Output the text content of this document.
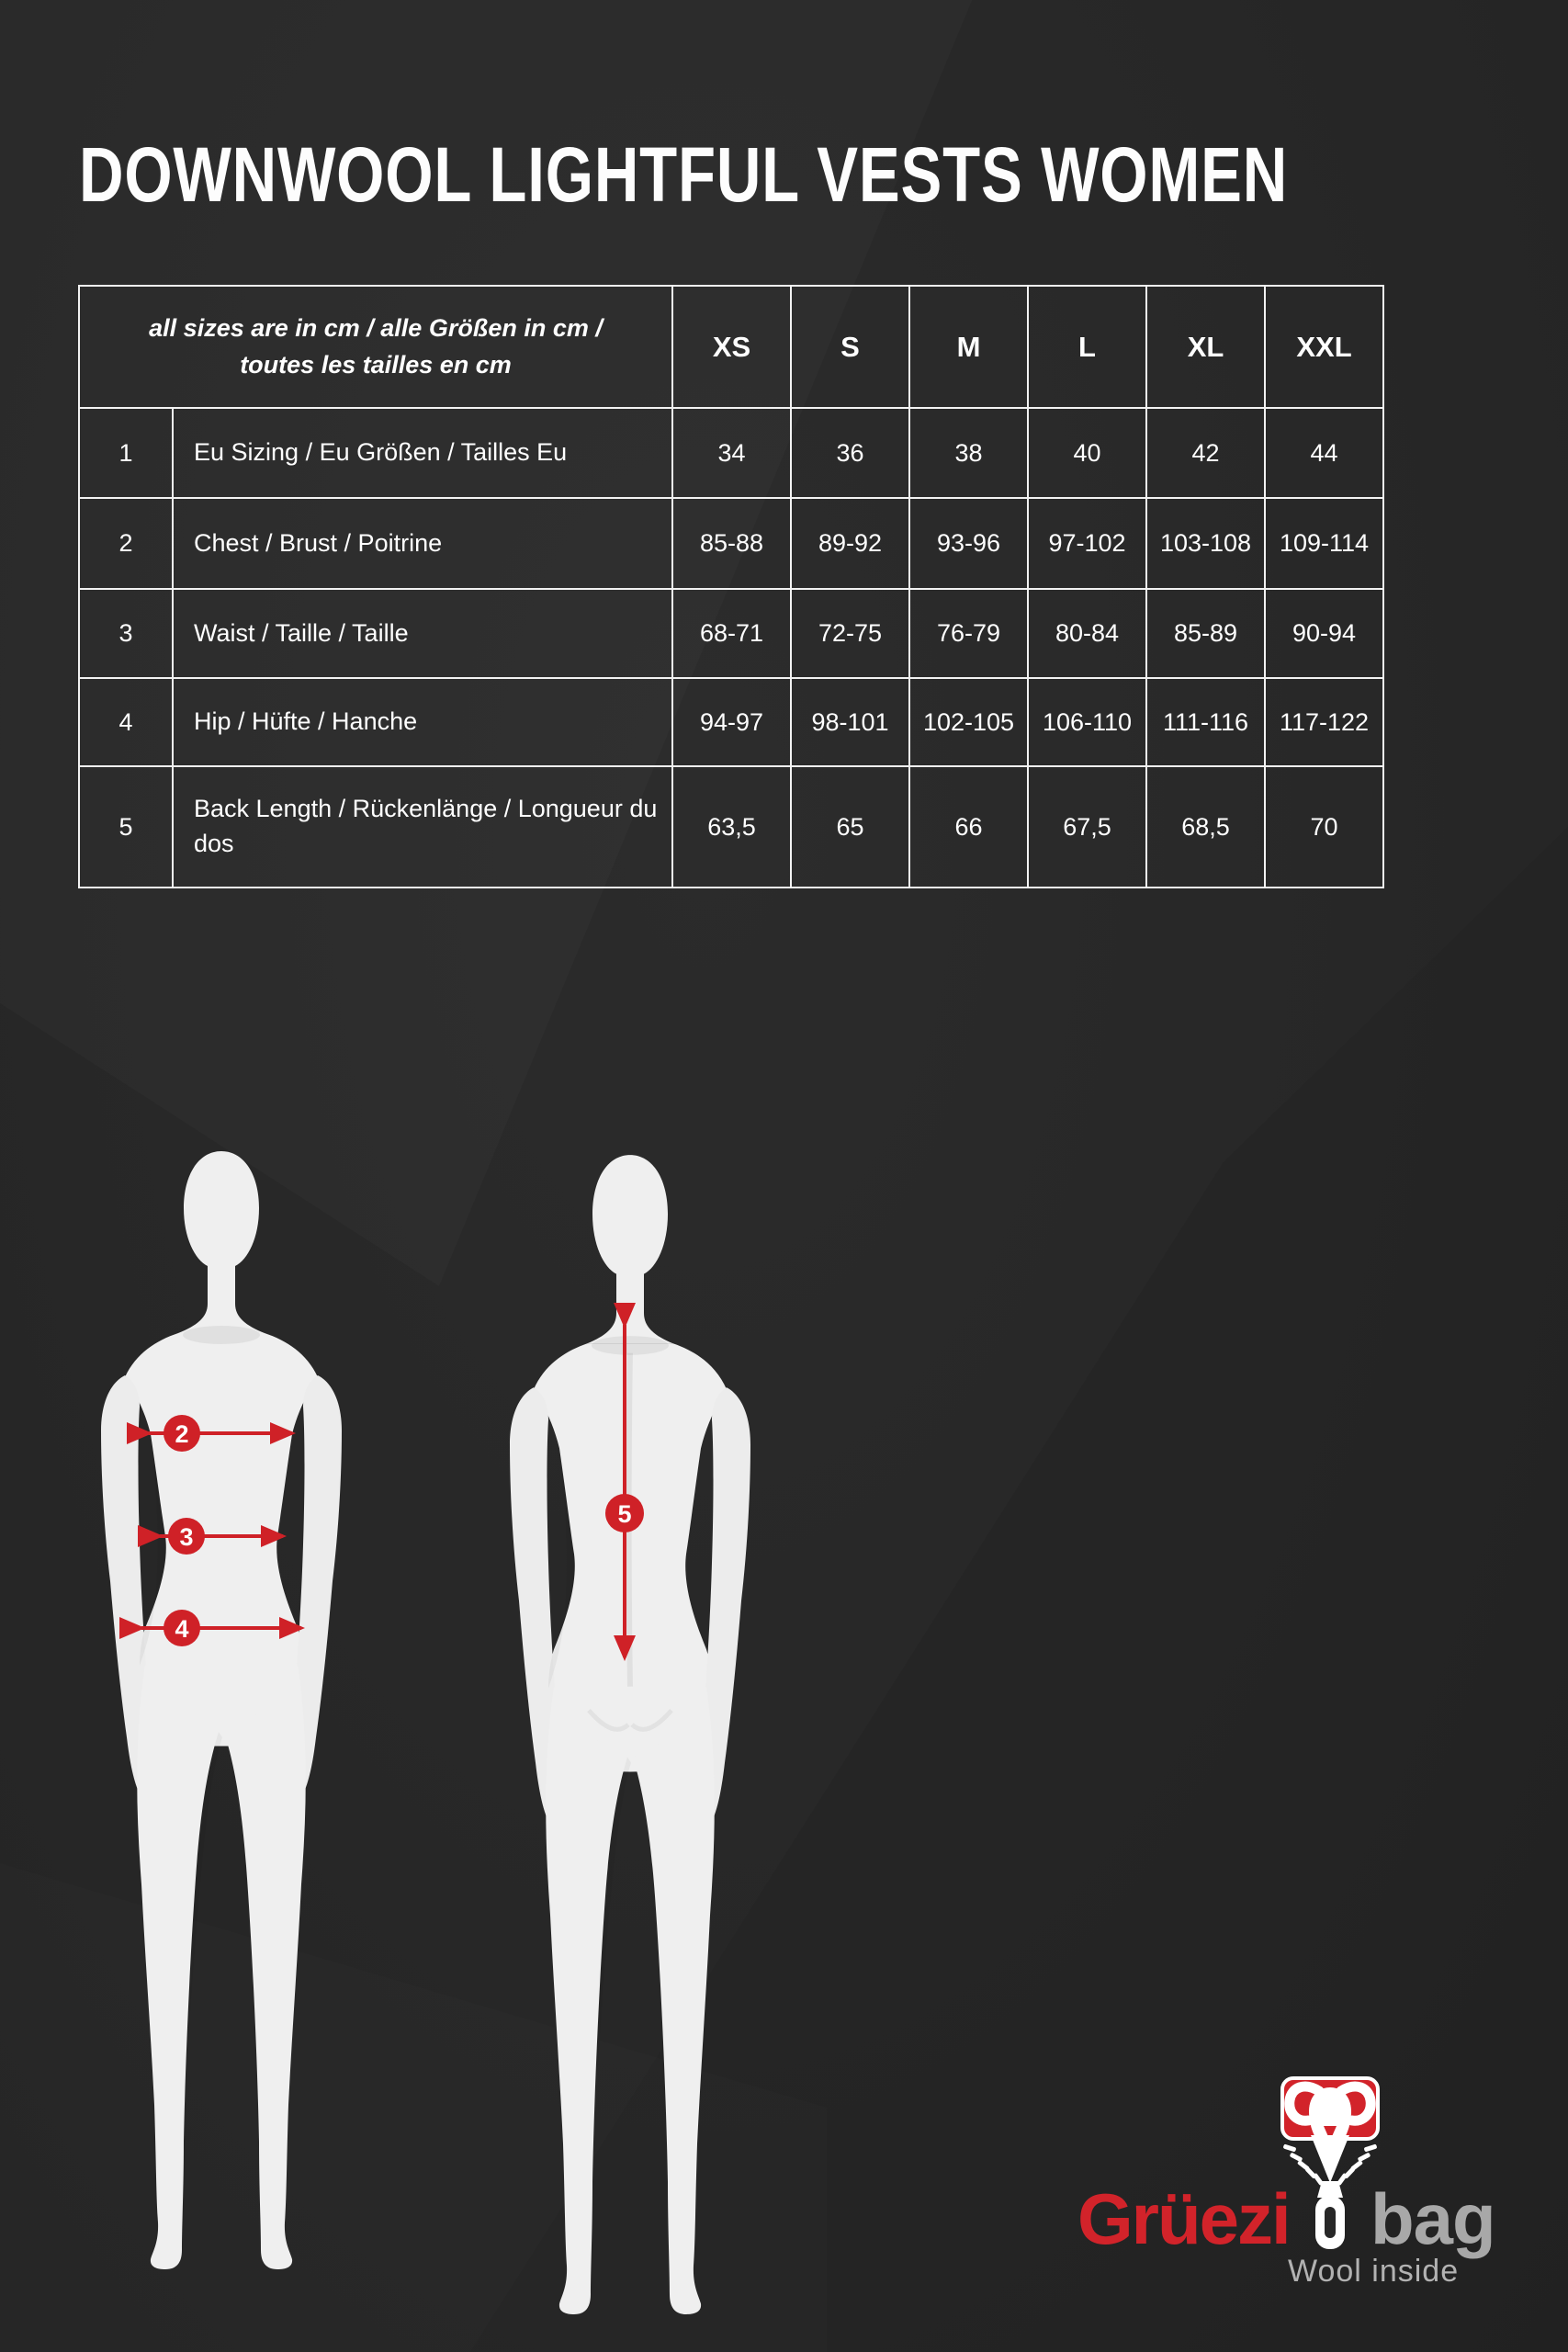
DOWNWOOL LIGHTFUL VESTS WOMEN
all sizes are in cm / alle Größen in cm / toutes les tailles en cm		XS	S	M	L	XL	XXL
1	Eu Sizing / Eu Größen / Tailles Eu	34	36	38	40	42	44
2	Chest / Brust / Poitrine	85-88	89-92	93-96	97-102	103-108	109-114
3	Waist / Taille / Taille	68-71	72-75	76-79	80-84	85-89	90-94
4	Hip / Hüfte / Hanche	94-97	98-101	102-105	106-110	111-116	117-122
5	Back Length / Rückenlänge / Longueur du dos	63,5	65	66	67,5	68,5	70
2
3
4
5
Grüezi bag
Wool inside
